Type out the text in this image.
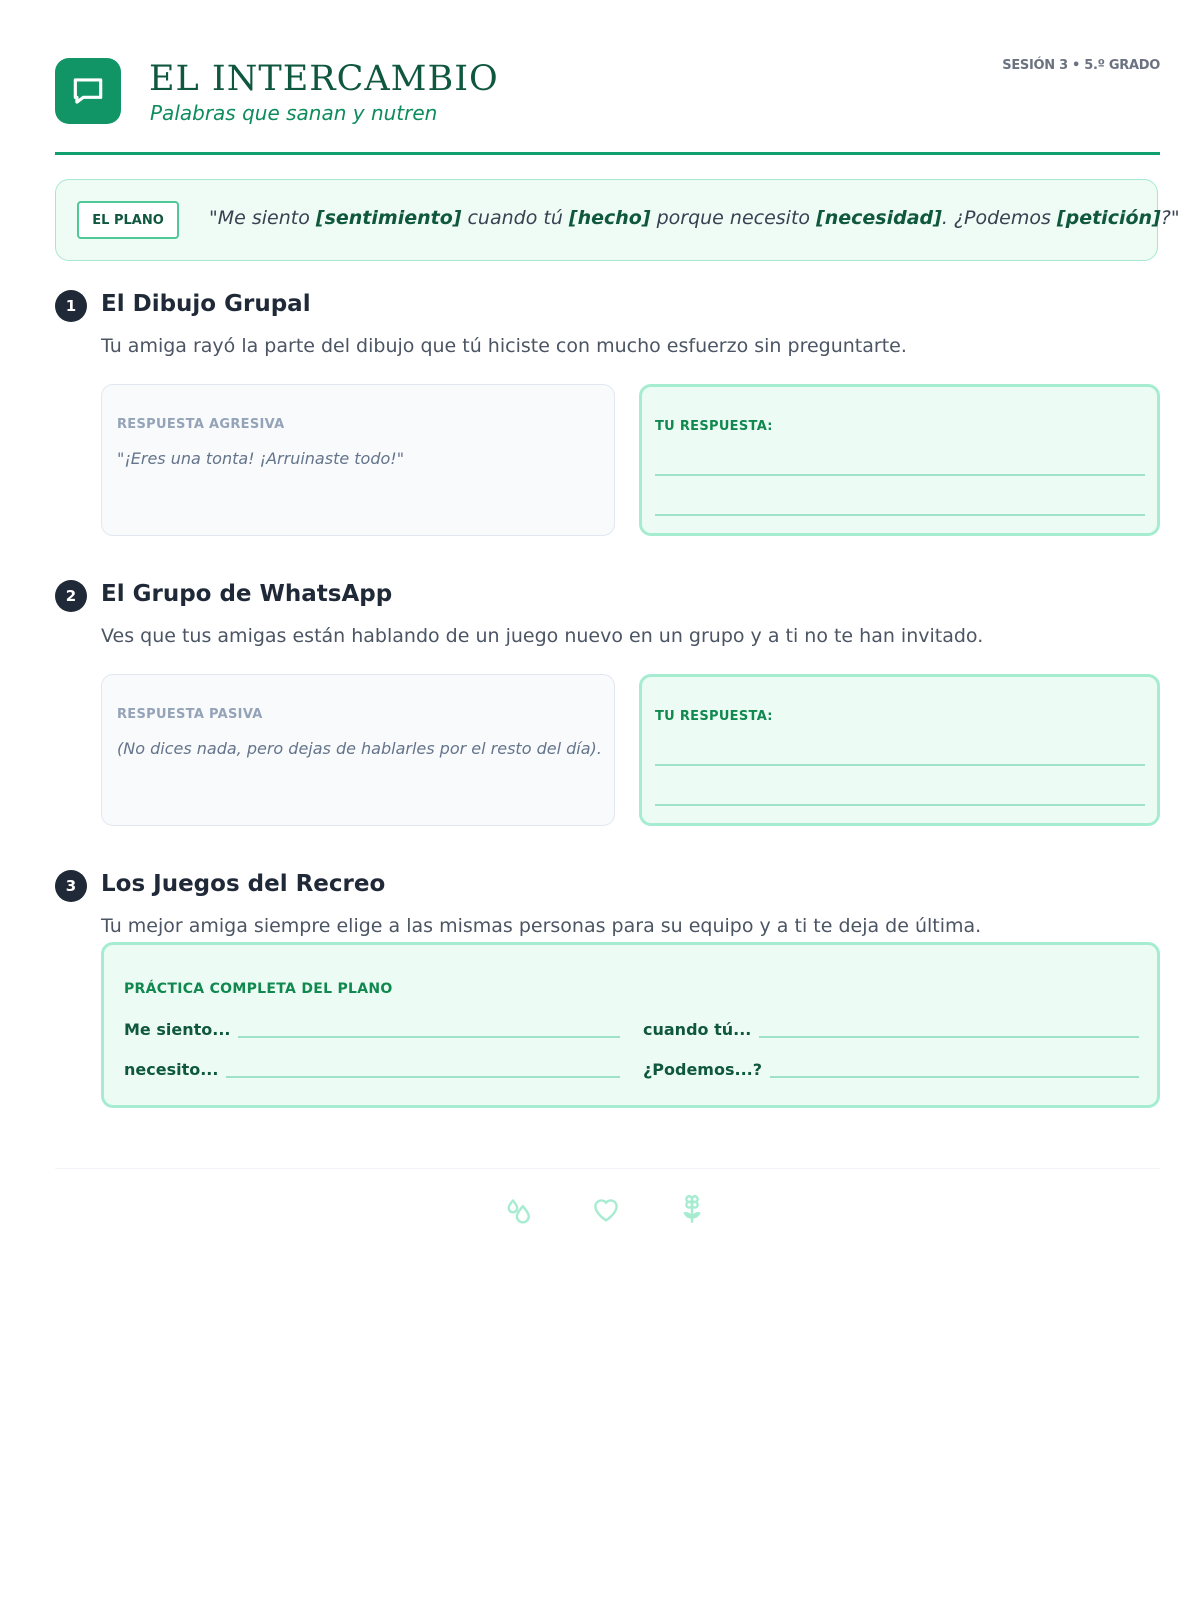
EL INTERCAMBIO
Palabras que sanan y nutren
SESIÓN 3 • 5.º GRADO
EL PLANO	"Me siento [sentimiento] cuando tú [hecho] porque necesito [necesidad]. ¿Podemos [petición]?"
1	El Dibujo Grupal
Tu amiga rayó la parte del dibujo que tú hiciste con mucho esfuerzo sin preguntarte.
RESPUESTA AGRESIVA
"¡Eres una tonta! ¡Arruinaste todo!"
TU RESPUESTA:
2	El Grupo de WhatsApp
Ves que tus amigas están hablando de un juego nuevo en un grupo y a ti no te han invitado.
RESPUESTA PASIVA
(No dices nada, pero dejas de hablarles por el resto del día).
TU RESPUESTA:
3	Los Juegos del Recreo
Tu mejor amiga siempre elige a las mismas personas para su equipo y a ti te deja de última.
PRÁCTICA COMPLETA DEL PLANO
Me siento...	cuando tú...
necesito...	¿Podemos...?
